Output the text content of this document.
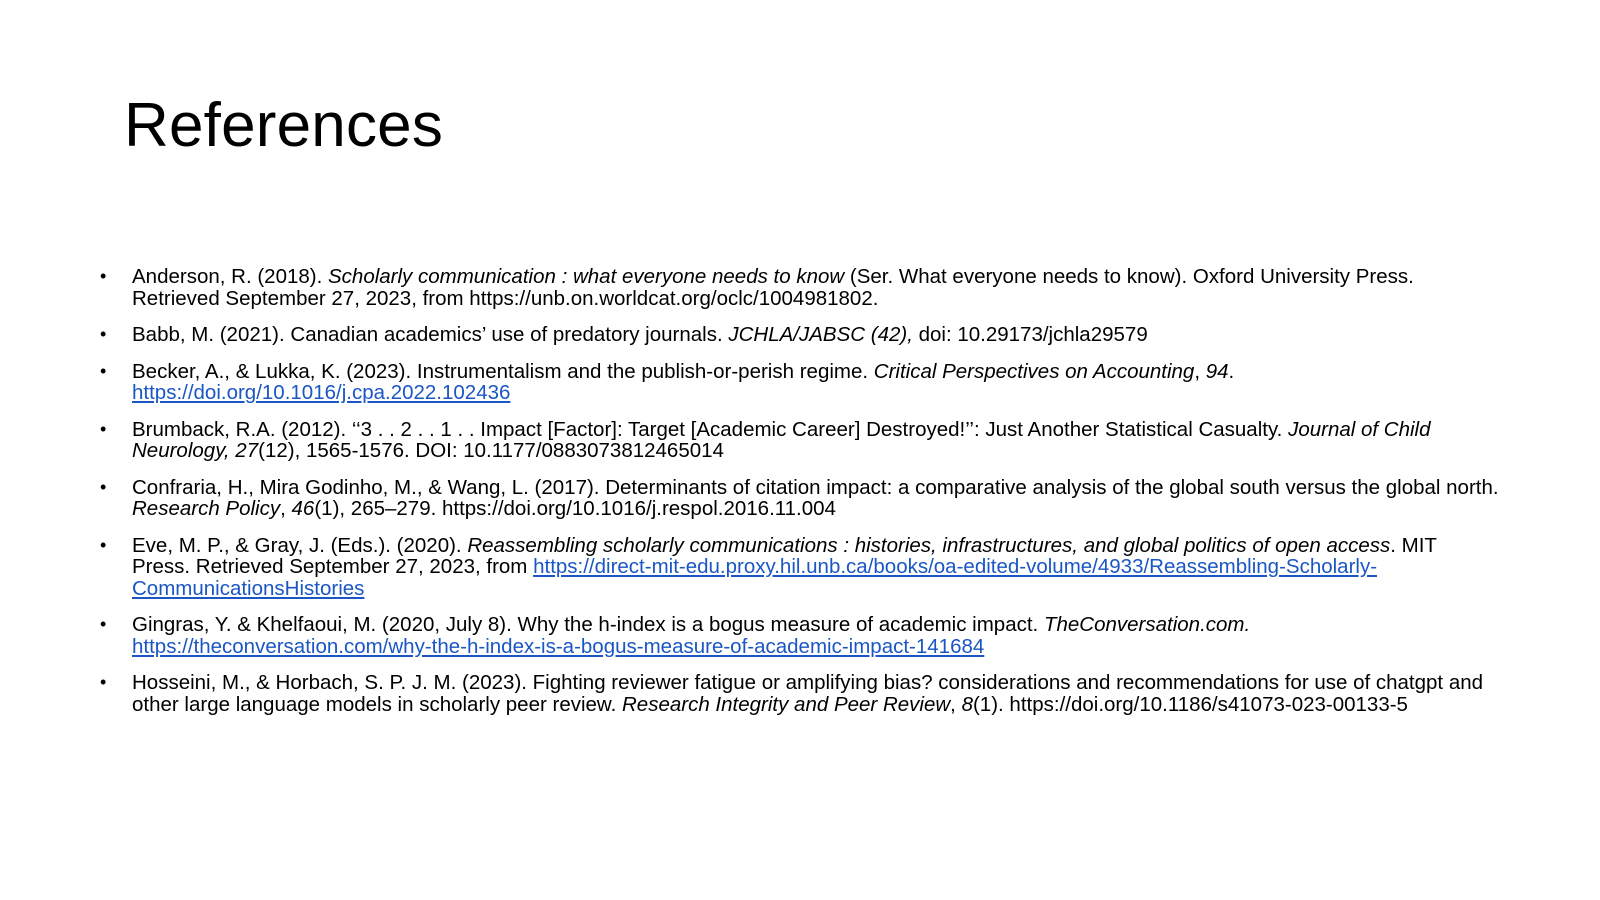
References
• Anderson, R. (2018). Scholarly communication : what everyone needs to know (Ser. What everyone needs to know). Oxford University Press. Retrieved September 27, 2023, from https://unb.on.worldcat.org/oclc/1004981802.
• Babb, M. (2021). Canadian academics’ use of predatory journals. JCHLA/JABSC (42), doi: 10.29173/jchla29579
• Becker, A., & Lukka, K. (2023). Instrumentalism and the publish-or-perish regime. Critical Perspectives on Accounting, 94. https://doi.org/10.1016/j.cpa.2022.102436
• Brumback, R.A. (2012). ‘‘3 . . 2 . . 1 . . Impact [Factor]: Target [Academic Career] Destroyed!’’: Just Another Statistical Casualty. Journal of Child Neurology, 27(12), 1565-1576. DOI: 10.1177/0883073812465014
• Confraria, H., Mira Godinho, M., & Wang, L. (2017). Determinants of citation impact: a comparative analysis of the global south versus the global north. Research Policy, 46(1), 265–279. https://doi.org/10.1016/j.respol.2016.11.004
• Eve, M. P., & Gray, J. (Eds.). (2020). Reassembling scholarly communications : histories, infrastructures, and global politics of open access. MIT Press. Retrieved September 27, 2023, from https://direct-mit-edu.proxy.hil.unb.ca/books/oa-edited-volume/4933/Reassembling-Scholarly-CommunicationsHistories
• Gingras, Y. & Khelfaoui, M. (2020, July 8). Why the h-index is a bogus measure of academic impact. TheConversation.com. https://theconversation.com/why-the-h-index-is-a-bogus-measure-of-academic-impact-141684
• Hosseini, M., & Horbach, S. P. J. M. (2023). Fighting reviewer fatigue or amplifying bias? considerations and recommendations for use of chatgpt and other large language models in scholarly peer review. Research Integrity and Peer Review, 8(1). https://doi.org/10.1186/s41073-023-00133-5
